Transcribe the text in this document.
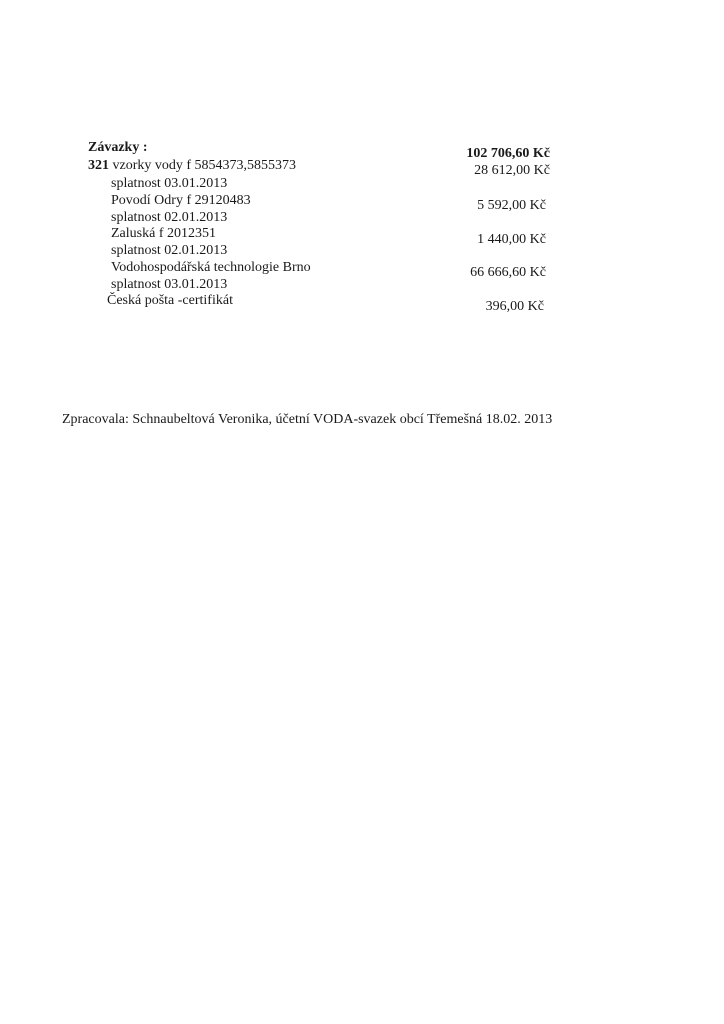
Závazky :	102 706,60 Kč
321 vzorky vody f 5854373,5855373	28 612,00 Kč
splatnost 03.01.2013
Povodí Odry f 29120483	5 592,00 Kč
splatnost 02.01.2013
Zaluská f 2012351	1 440,00 Kč
splatnost 02.01.2013
Vodohospodářská technologie Brno	66 666,60 Kč
splatnost 03.01.2013
Česká pošta -certifikát	396,00 Kč
Zpracovala: Schnaubeltová Veronika, účetní VODA-svazek obcí Třemešná 18.02. 2013
